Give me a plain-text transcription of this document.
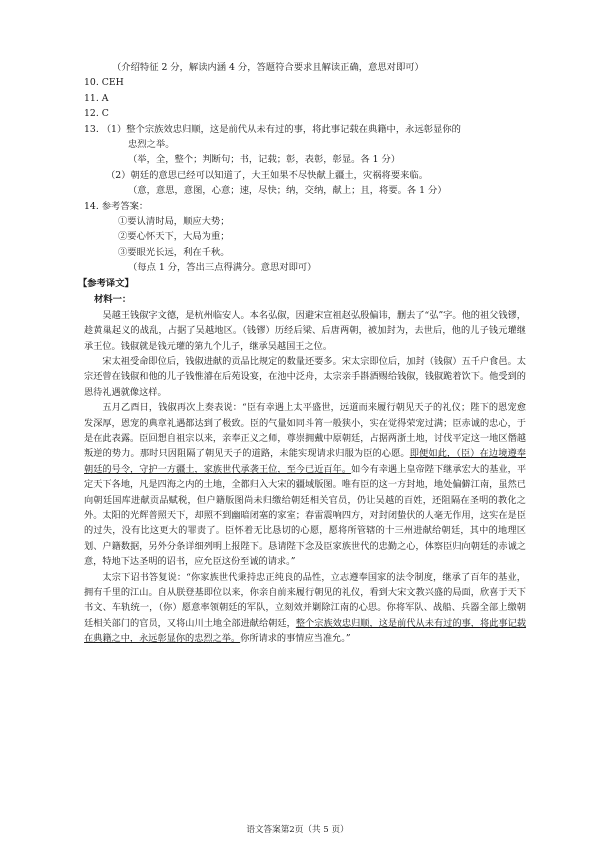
（介绍特征 2 分，解读内涵 4 分，答题符合要求且解读正确，意思对即可）
10. CEH
11. A
12. C
13. （1）整个宗族效忠归顺，这是前代从未有过的事，将此事记载在典籍中，永远彰显你的
忠烈之举。
（举，全，整个；判断句；书，记载；彰，表彰，彰显。各 1 分）
（2）朝廷的意思已经可以知道了，大王如果不尽快献上疆土，灾祸将要来临。
（意，意思，意图，心意；速，尽快；纳，交纳，献上；且，将要。各 1 分）
14. 参考答案：
①要认清时局，顺应大势；
②要心怀天下，大局为重；
③要眼光长远，利在千秋。
（每点 1 分，答出三点得满分。意思对即可）
【参考译文】
材料一：
吴越王钱俶字文德，是杭州临安人。本名弘俶，因避宋宣祖赵弘殷偏讳，删去了“弘”字。他的祖父钱镠，趁黄巢起义的战乱，占据了吴越地区。（钱镠）历经后梁、后唐两朝，被加封为，去世后，他的儿子钱元瓘继承王位。钱俶就是钱元瓘的第九个儿子，继承吴越国王之位。
宋太祖受命即位后，钱俶进献的贡品比规定的数量还要多。宋太宗即位后，加封（钱俶）五千户食邑。太宗还曾在钱俶和他的儿子钱惟濬在后苑设宴，在池中泛舟，太宗亲手斟酒赐给钱俶，钱俶跪着饮下。他受到的恩待礼遇就像这样。
五月乙酉日，钱俶再次上奏表说：“臣有幸遇上太平盛世，远道而来履行朝见天子的礼仪；陛下的恩宠愈发深厚，恩宠的典章礼遇都达到了极致。臣的气量如同斗筲一般狭小，实在觉得荣宠过满；臣赤诚的忠心，于是在此表露。臣回想自祖宗以来，亲奉正义之师，尊崇拥戴中原朝廷，占据两浙土地，讨伐平定这一地区僭越叛逆的势力。那时只因阻隔了朝见天子的道路，未能实现请求归服为臣的心愿。即便如此，（臣）在边境遵奉朝廷的号令，守护一方疆土，家族世代承袭王位，至今已近百年。如今有幸遇上皇帝陛下继承宏大的基业，平定天下各地，凡是四海之内的土地，全都归入大宋的疆域版图。唯有臣的这一方封地，地处偏僻江南，虽然已向朝廷国库进献贡品赋税，但户籍版图尚未归缴给朝廷相关官员，仍让吴越的百姓，还阻隔在圣明的教化之外。太阳的光辉普照天下，却照不到幽暗闭塞的家室；春雷震响四方，对封闭蛰伏的人毫无作用，这实在是臣的过失，没有比这更大的罪责了。臣怀着无比恳切的心愿，愿将所管辖的十三州进献给朝廷，其中的地理区划、户籍数据，另外分条详细列明上报陛下。恳请陛下念及臣家族世代的忠勤之心，体察臣归向朝廷的赤诚之意，特地下达圣明的诏书，应允臣这份至诚的请求。”
太宗下诏书答复说：“你家族世代秉持忠正纯良的品性，立志遵奉国家的法令制度，继承了百年的基业，拥有千里的江山。自从朕登基即位以来，你亲自前来履行朝见的礼仪，看到大宋文教兴盛的局面，欣喜于天下书文、车轨统一，（你）愿意率领朝廷的军队，立刻效并剿除江南的心思。你将军队、战船、兵器全部上缴朝廷相关部门的官员，又将山川土地全部进献给朝廷，整个宗族效忠归顺，这是前代从未有过的事，将此事记载在典籍之中，永远彰显你的忠烈之举。你所请求的事情应当准允。”
语文答案第2页（共 5 页）
